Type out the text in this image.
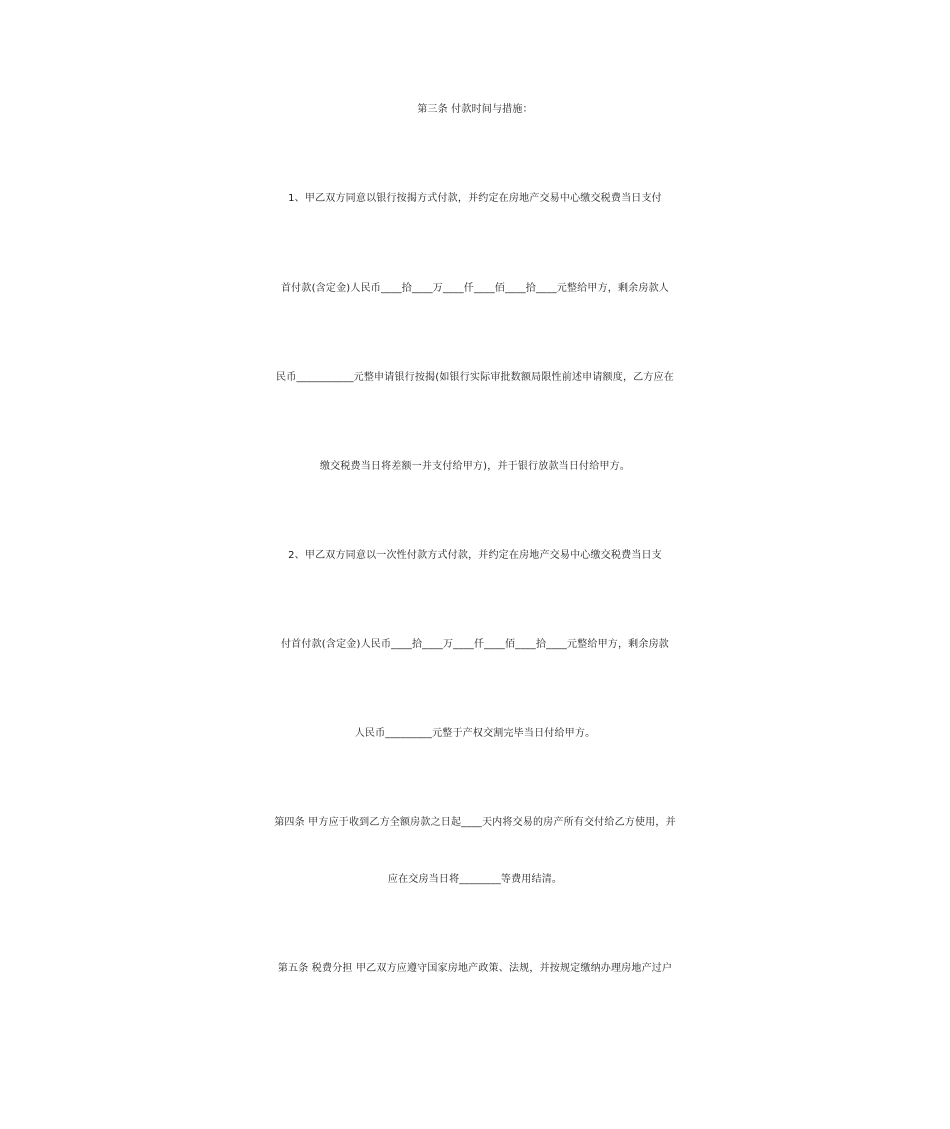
第三条 付款时间与措施：
1、甲乙双方同意以银行按揭方式付款，并约定在房地产交易中心缴交税费当日支付
首付款(含定金)人民币____拾____万____仟____佰____拾____元整给甲方，剩余房款人
民币___________元整申请银行按揭(如银行实际审批数额局限性前述申请额度，乙方应在
缴交税费当日将差额一并支付给甲方)，并于银行放款当日付给甲方。
2、甲乙双方同意以一次性付款方式付款，并约定在房地产交易中心缴交税费当日支
付首付款(含定金)人民币____拾____万____仟____佰____拾____元整给甲方，剩余房款
人民币_________元整于产权交割完毕当日付给甲方。
第四条 甲方应于收到乙方全额房款之日起____天内将交易的房产所有交付给乙方使用，并
应在交房当日将________等费用结清。
第五条 税费分担 甲乙双方应遵守国家房地产政策、法规，并按规定缴纳办理房地产过户
